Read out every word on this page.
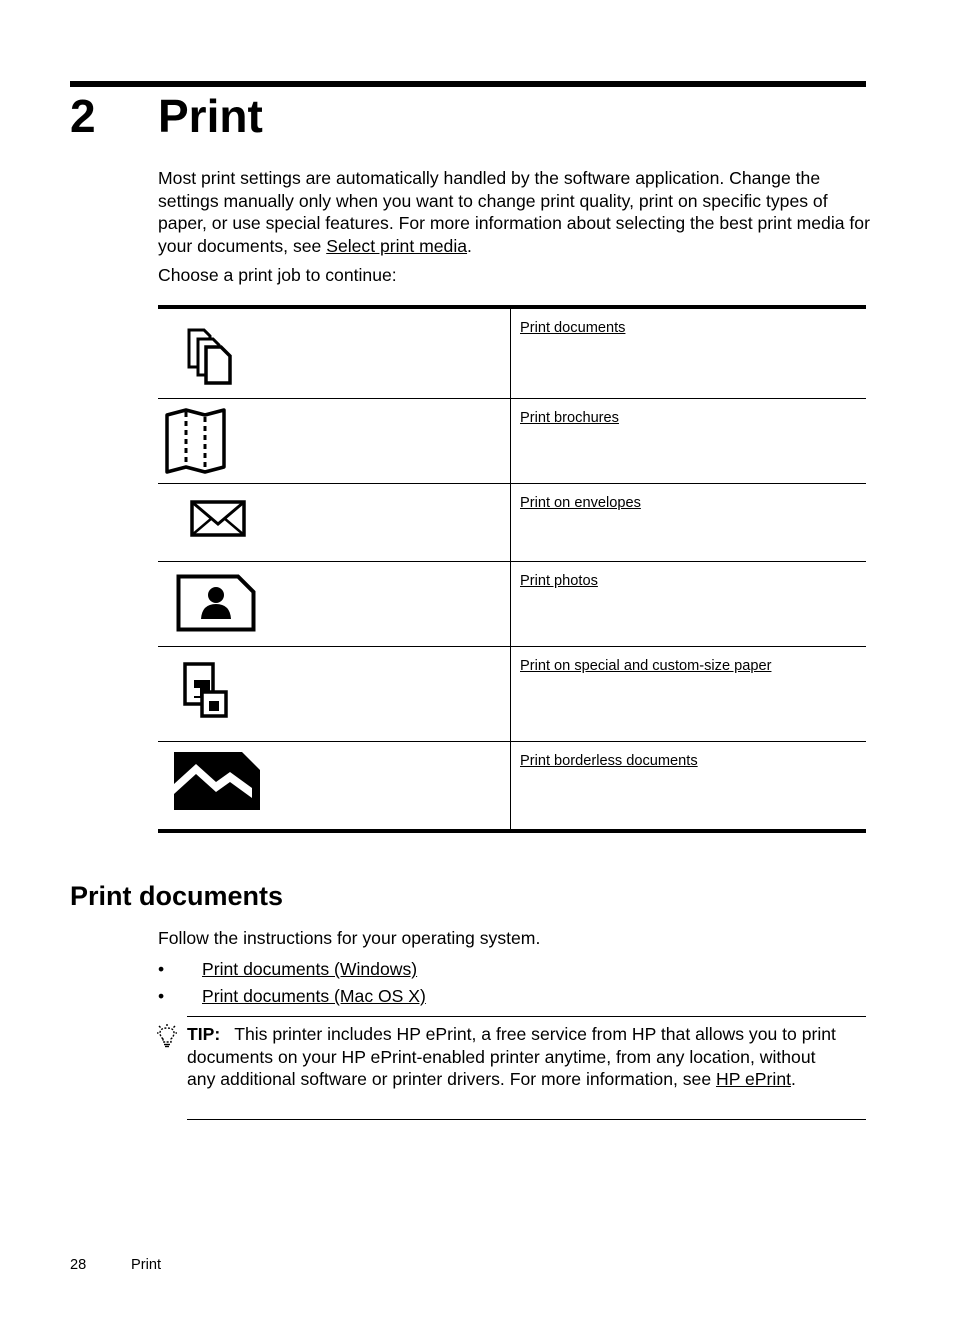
2 Print

Most print settings are automatically handled by the software application. Change the settings manually only when you want to change print quality, print on specific types of paper, or use special features. For more information about selecting the best print media for your documents, see Select print media.

Choose a print job to continue:

	Print documents

	Print brochures

	Print on envelopes

	Print photos

	Print on special and custom-size paper

	Print borderless documents
Print documents

Follow the instructions for your operating system.

• Print documents (Windows)
• Print documents (Mac OS X)

TIP: This printer includes HP ePrint, a free service from HP that allows you to print documents on your HP ePrint-enabled printer anytime, from any location, without any additional software or printer drivers. For more information, see HP ePrint.

28	Print
